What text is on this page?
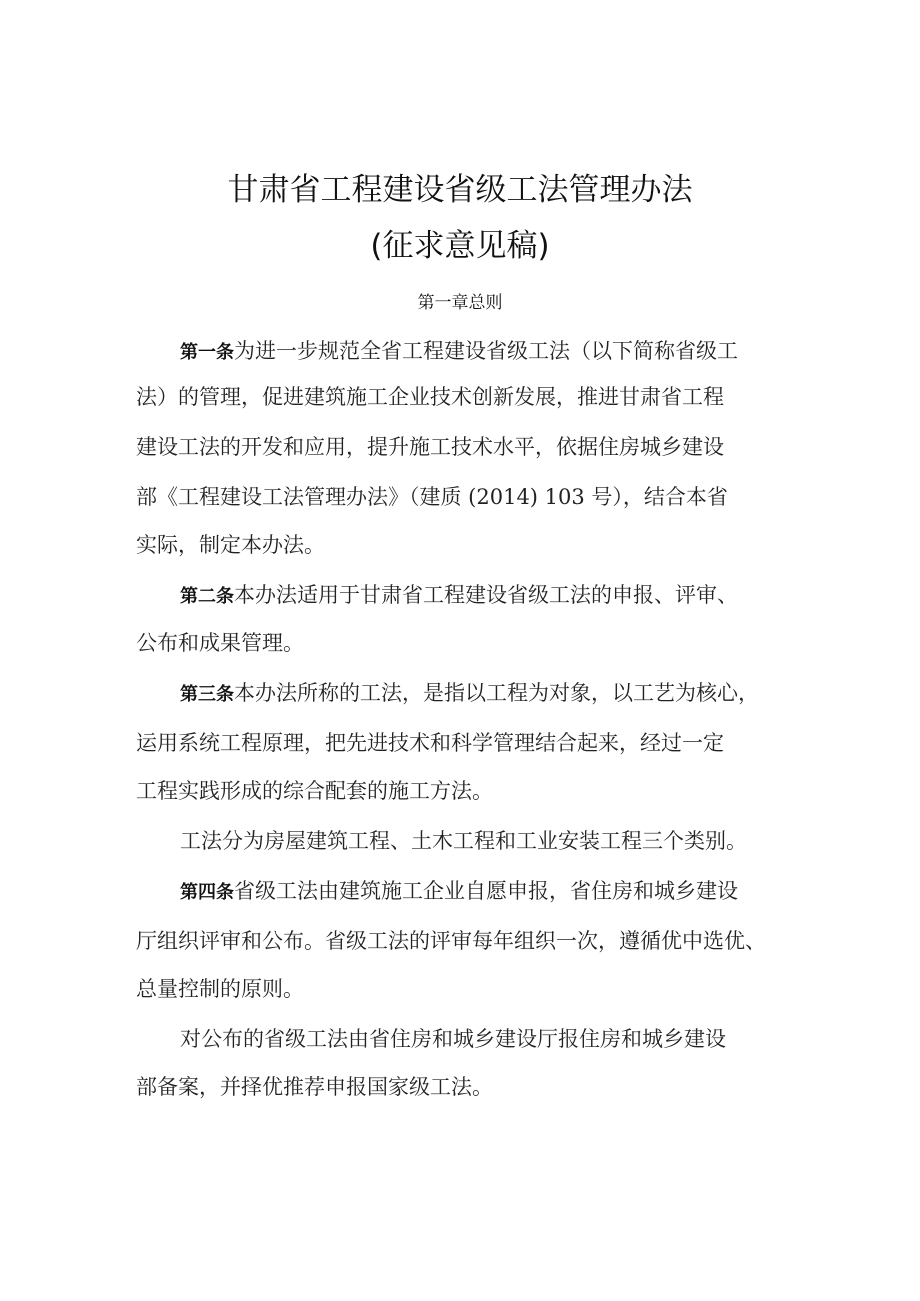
甘肃省工程建设省级工法管理办法
(征求意见稿)
第一章总则
第一条为进一步规范全省工程建设省级工法（以下简称省级工
法）的管理，促进建筑施工企业技术创新发展，推进甘肃省工程
建设工法的开发和应用，提升施工技术水平，依据住房城乡建设
部《工程建设工法管理办法》（建质 (2014) 103 号），结合本省
实际，制定本办法。
第二条本办法适用于甘肃省工程建设省级工法的申报、评审、
公布和成果管理。
第三条本办法所称的工法，是指以工程为对象，以工艺为核心，
运用系统工程原理，把先进技术和科学管理结合起来，经过一定
工程实践形成的综合配套的施工方法。
工法分为房屋建筑工程、土木工程和工业安装工程三个类别。
第四条省级工法由建筑施工企业自愿申报，省住房和城乡建设
厅组织评审和公布。省级工法的评审每年组织一次，遵循优中选优、
总量控制的原则。
对公布的省级工法由省住房和城乡建设厅报住房和城乡建设
部备案，并择优推荐申报国家级工法。
